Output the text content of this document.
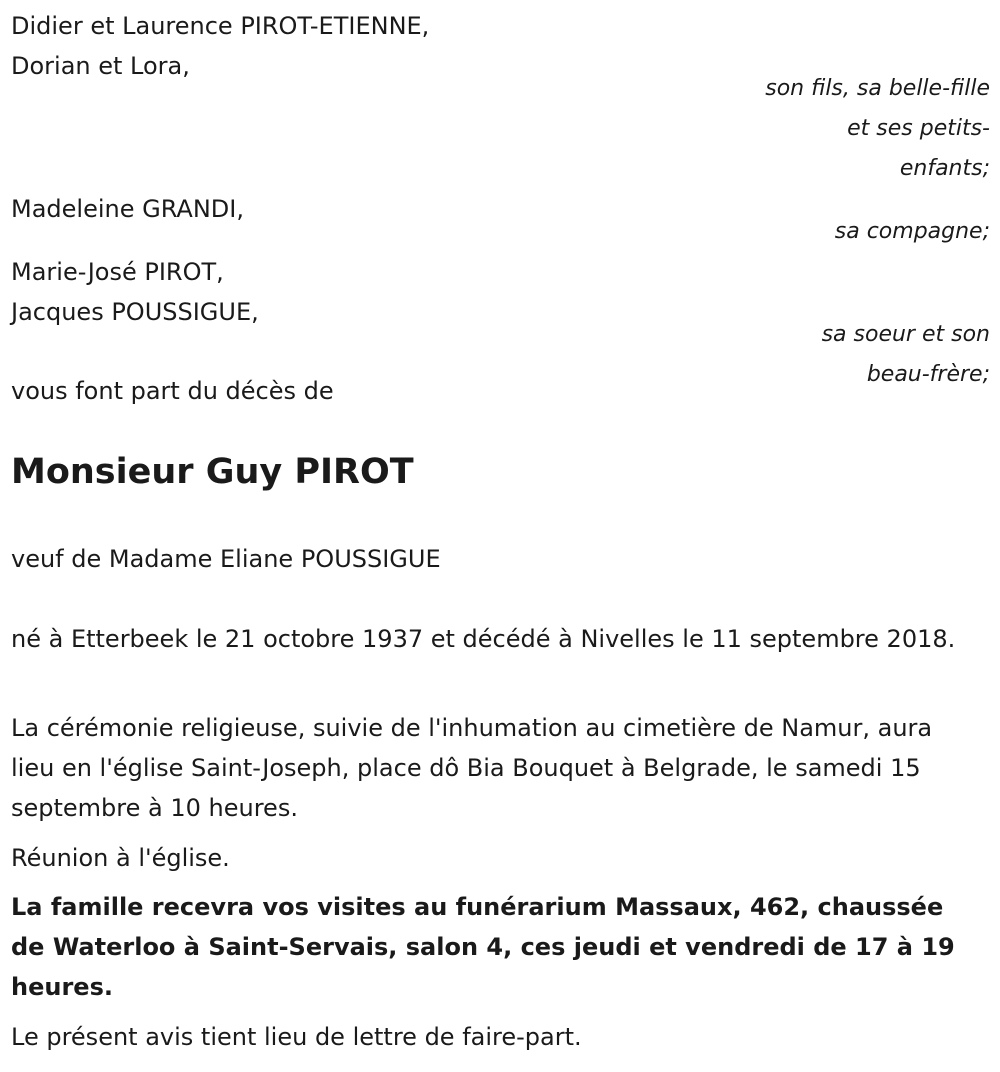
Didier et Laurence PIROT-ETIENNE,
Dorian et Lora,
son fils, sa belle-fille
et ses petits-
enfants;
Madeleine GRANDI,
sa compagne;
Marie-José PIROT,
Jacques POUSSIGUE,
sa soeur et son
beau-frère;
vous font part du décès de
Monsieur Guy PIROT
veuf de Madame Eliane POUSSIGUE
né à Etterbeek le 21 octobre 1937 et décédé à Nivelles le 11 septembre 2018.
La cérémonie religieuse, suivie de l'inhumation au cimetière de Namur, aura lieu en l'église Saint-Joseph, place dô Bia Bouquet à Belgrade, le samedi 15 septembre à 10 heures.
Réunion à l'église.
La famille recevra vos visites au funérarium Massaux, 462, chaussée de Waterloo à Saint-Servais, salon 4, ces jeudi et vendredi de 17 à 19 heures.
Le présent avis tient lieu de lettre de faire-part.
